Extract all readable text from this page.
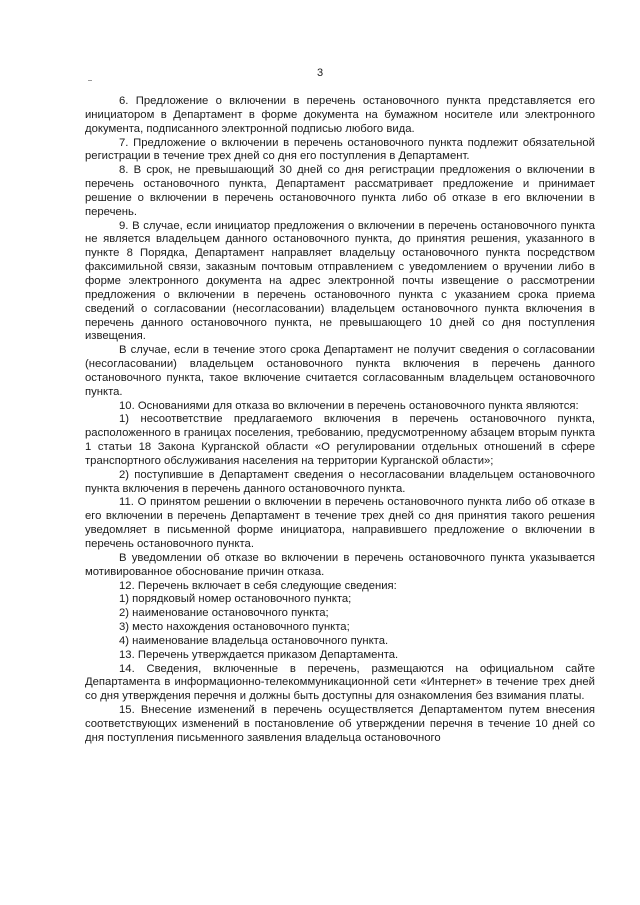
3

6. Предложение о включении в перечень остановочного пункта представляется его инициатором в Департамент в форме документа на бумажном носителе или электронного документа, подписанного электронной подписью любого вида.

7. Предложение о включении в перечень остановочного пункта подлежит обязательной регистрации в течение трех дней со дня его поступления в Департамент.

8. В срок, не превышающий 30 дней со дня регистрации предложения о включении в перечень остановочного пункта, Департамент рассматривает предложение и принимает решение о включении в перечень остановочного пункта либо об отказе в его включении в перечень.

9. В случае, если инициатор предложения о включении в перечень остановочного пункта не является владельцем данного остановочного пункта, до принятия решения, указанного в пункте 8 Порядка, Департамент направляет владельцу остановочного пункта посредством факсимильной связи, заказным почтовым отправлением с уведомлением о вручении либо в форме электронного документа на адрес электронной почты извещение о рассмотрении предложения о включении в перечень остановочного пункта с указанием срока приема сведений о согласовании (несогласовании) владельцем остановочного пункта включения в перечень данного остановочного пункта, не превышающего 10 дней со дня поступления извещения.

В случае, если в течение этого срока Департамент не получит сведения о согласовании (несогласовании) владельцем остановочного пункта включения в перечень данного остановочного пункта, такое включение считается согласованным владельцем остановочного пункта.

10. Основаниями для отказа во включении в перечень остановочного пункта являются:

1) несоответствие предлагаемого включения в перечень остановочного пункта, расположенного в границах поселения, требованию, предусмотренному абзацем вторым пункта 1 статьи 18 Закона Курганской области «О регулировании отдельных отношений в сфере транспортного обслуживания населения на территории Курганской области»;

2) поступившие в Департамент сведения о несогласовании владельцем остановочного пункта включения в перечень данного остановочного пункта.

11. О принятом решении о включении в перечень остановочного пункта либо об отказе в его включении в перечень Департамент в течение трех дней со дня принятия такого решения уведомляет в письменной форме инициатора, направившего предложение о включении в перечень остановочного пункта.

В уведомлении об отказе во включении в перечень остановочного пункта указывается мотивированное обоснование причин отказа.

12. Перечень включает в себя следующие сведения:

1) порядковый номер остановочного пункта;

2) наименование остановочного пункта;

3) место нахождения остановочного пункта;

4) наименование владельца остановочного пункта.

13. Перечень утверждается приказом Департамента.

14. Сведения, включенные в перечень, размещаются на официальном сайте Департамента в информационно-телекоммуникационной сети «Интернет» в течение трех дней со дня утверждения перечня и должны быть доступны для ознакомления без взимания платы.

15. Внесение изменений в перечень осуществляется Департаментом путем внесения соответствующих изменений в постановление об утверждении перечня в течение 10 дней со дня поступления письменного заявления владельца остановочного
